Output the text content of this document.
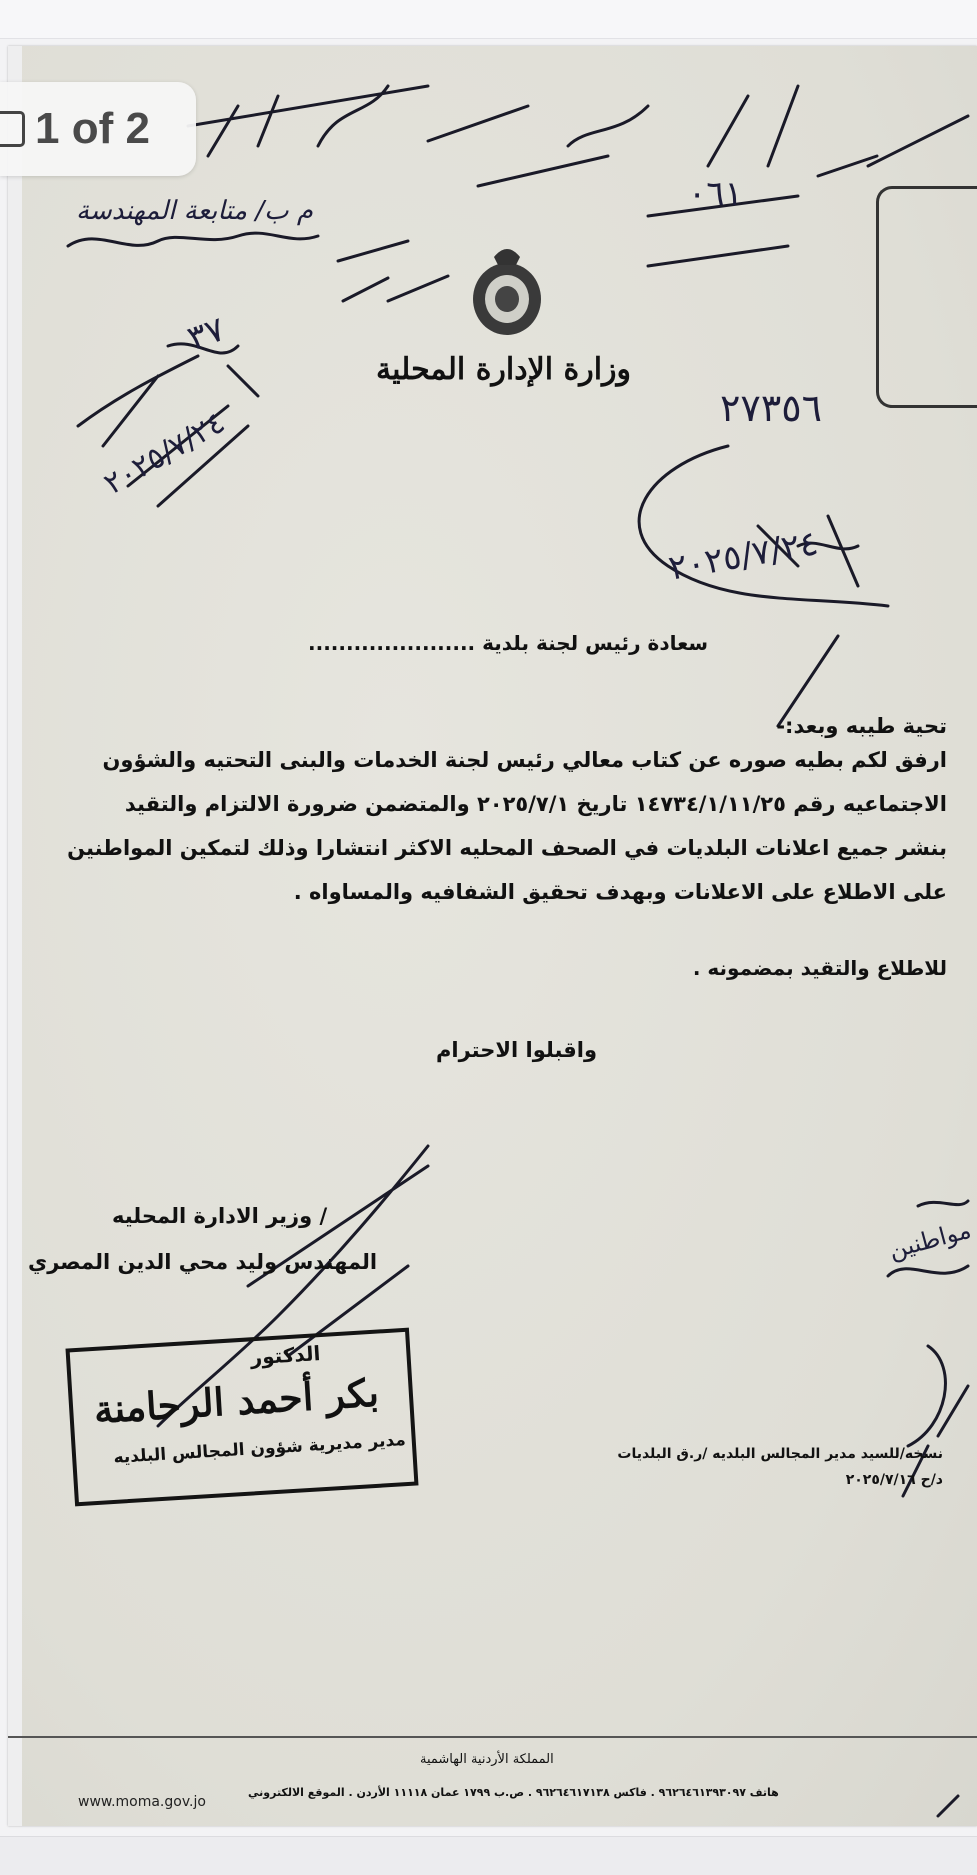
وزارة الإدارة المحلية
م ب/ متابعة المهندسة	٠٦١
٢٧٣٥٦
٢٠٢٥/٧/٢٤
٣٧
٢٠٢٥/٧/٢٤
مواطنين
سعادة رئيس لجنة بلدية ......................
تحية طيبه وبعد:-
ارفق لكم بطيه صوره عن كتاب معالي رئيس لجنة الخدمات والبنى التحتيه والشؤون
الاجتماعيه رقم ١٤٧٣٤/١/١١/٢٥ تاريخ ٢٠٢٥/٧/١ والمتضمن ضرورة الالتزام والتقيد
بنشر جميع اعلانات البلديات في الصحف المحليه الاكثر انتشارا وذلك لتمكين المواطنين
على الاطلاع على الاعلانات وبهدف تحقيق الشفافيه والمساواه .
للاطلاع والتقيد بمضمونه .
واقبلوا الاحترام
/ وزير الادارة المحليه
المهندس وليد محي الدين المصري
الدكتور
بكر أحمد الرحامنة
مدير مديرية شؤون المجالس البلديه	نسخه/للسيد مدير المجالس البلديه /ر.ق البلديات
د/ح ٢٠٢٥/٧/١٦
المملكة الأردنية الهاشمية
هاتف ٩٦٢٦٤٦١٣٩٣٠٩٧ . فاكس ٩٦٢٦٤٦١٧١٣٨ . ص.ب ١٧٩٩ عمان ١١١١٨ الأردن . الموقع الالكتروني
www.moma.gov.jo
1 of 2
